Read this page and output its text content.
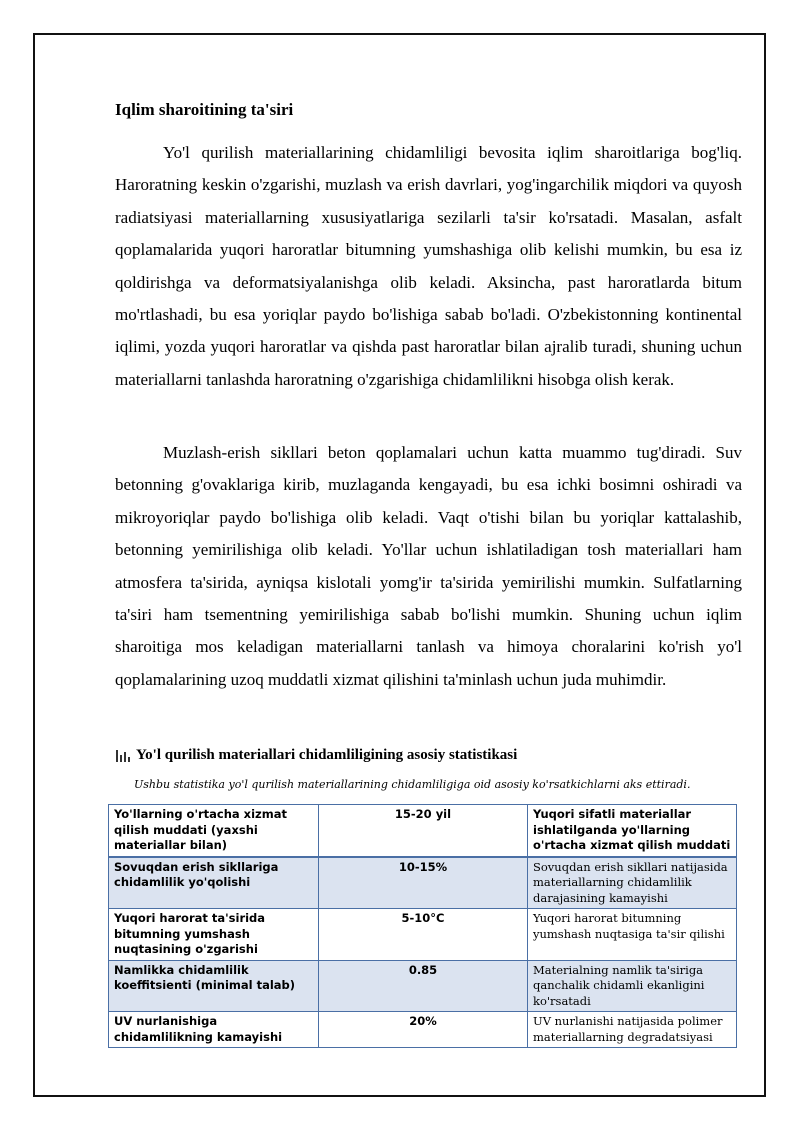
Iqlim sharoitining ta'siri

Yo'l qurilish materiallarining chidamliligi bevosita iqlim sharoitlariga bog'liq. Haroratning keskin o'zgarishi, muzlash va erish davrlari, yog'ingarchilik miqdori va quyosh radiatsiyasi materiallarning xususiyatlariga sezilarli ta'sir ko'rsatadi. Masalan, asfalt qoplamalarida yuqori haroratlar bitumning yumshashiga olib kelishi mumkin, bu esa iz qoldirishga va deformatsiyalanishga olib keladi. Aksincha, past haroratlarda bitum mo'rtlashadi, bu esa yoriqlar paydo bo'lishiga sabab bo'ladi. O'zbekistonning kontinental iqlimi, yozda yuqori haroratlar va qishda past haroratlar bilan ajralib turadi, shuning uchun materiallarni tanlashda haroratning o'zgarishiga chidamlilikni hisobga olish kerak.

Muzlash-erish sikllari beton qoplamalari uchun katta muammo tug'diradi. Suv betonning g'ovaklariga kirib, muzlaganda kengayadi, bu esa ichki bosimni oshiradi va mikroyoriqlar paydo bo'lishiga olib keladi. Vaqt o'tishi bilan bu yoriqlar kattalashib, betonning yemirilishiga olib keladi. Yo'llar uchun ishlatiladigan tosh materiallari ham atmosfera ta'sirida, ayniqsa kislotali yomg'ir ta'sirida yemirilishi mumkin. Sulfatlarning ta'siri ham tsementning yemirilishiga sabab bo'lishi mumkin. Shuning uchun iqlim sharoitiga mos keladigan materiallarni tanlash va himoya choralarini ko'rish yo'l qoplamalarining uzoq muddatli xizmat qilishini ta'minlash uchun juda muhimdir.

Yo'l qurilish materiallari chidamliligining asosiy statistikasi
Ushbu statistika yo'l qurilish materiallarining chidamliligiga oid asosiy ko'rsatkichlarni aks ettiradi.
Yo'llarning o'rtacha xizmat qilish muddati (yaxshi materiallar bilan)	15-20 yil	Yuqori sifatli materiallar ishlatilganda yo'llarning o'rtacha xizmat qilish muddati
Sovuqdan erish sikllariga chidamlilik yo'qolishi	10-15%	Sovuqdan erish sikllari natijasida materiallarning chidamlilik darajasining kamayishi
Yuqori harorat ta'sirida bitumning yumshash nuqtasining o'zgarishi	5-10°C	Yuqori harorat bitumning yumshash nuqtasiga ta'sir qilishi
Namlikka chidamlilik koeffitsienti (minimal talab)	0.85	Materialning namlik ta'siriga qanchalik chidamli ekanligini ko'rsatadi
UV nurlanishiga chidamlilikning kamayishi	20%	UV nurlanishi natijasida polimer materiallarning degradatsiyasi
